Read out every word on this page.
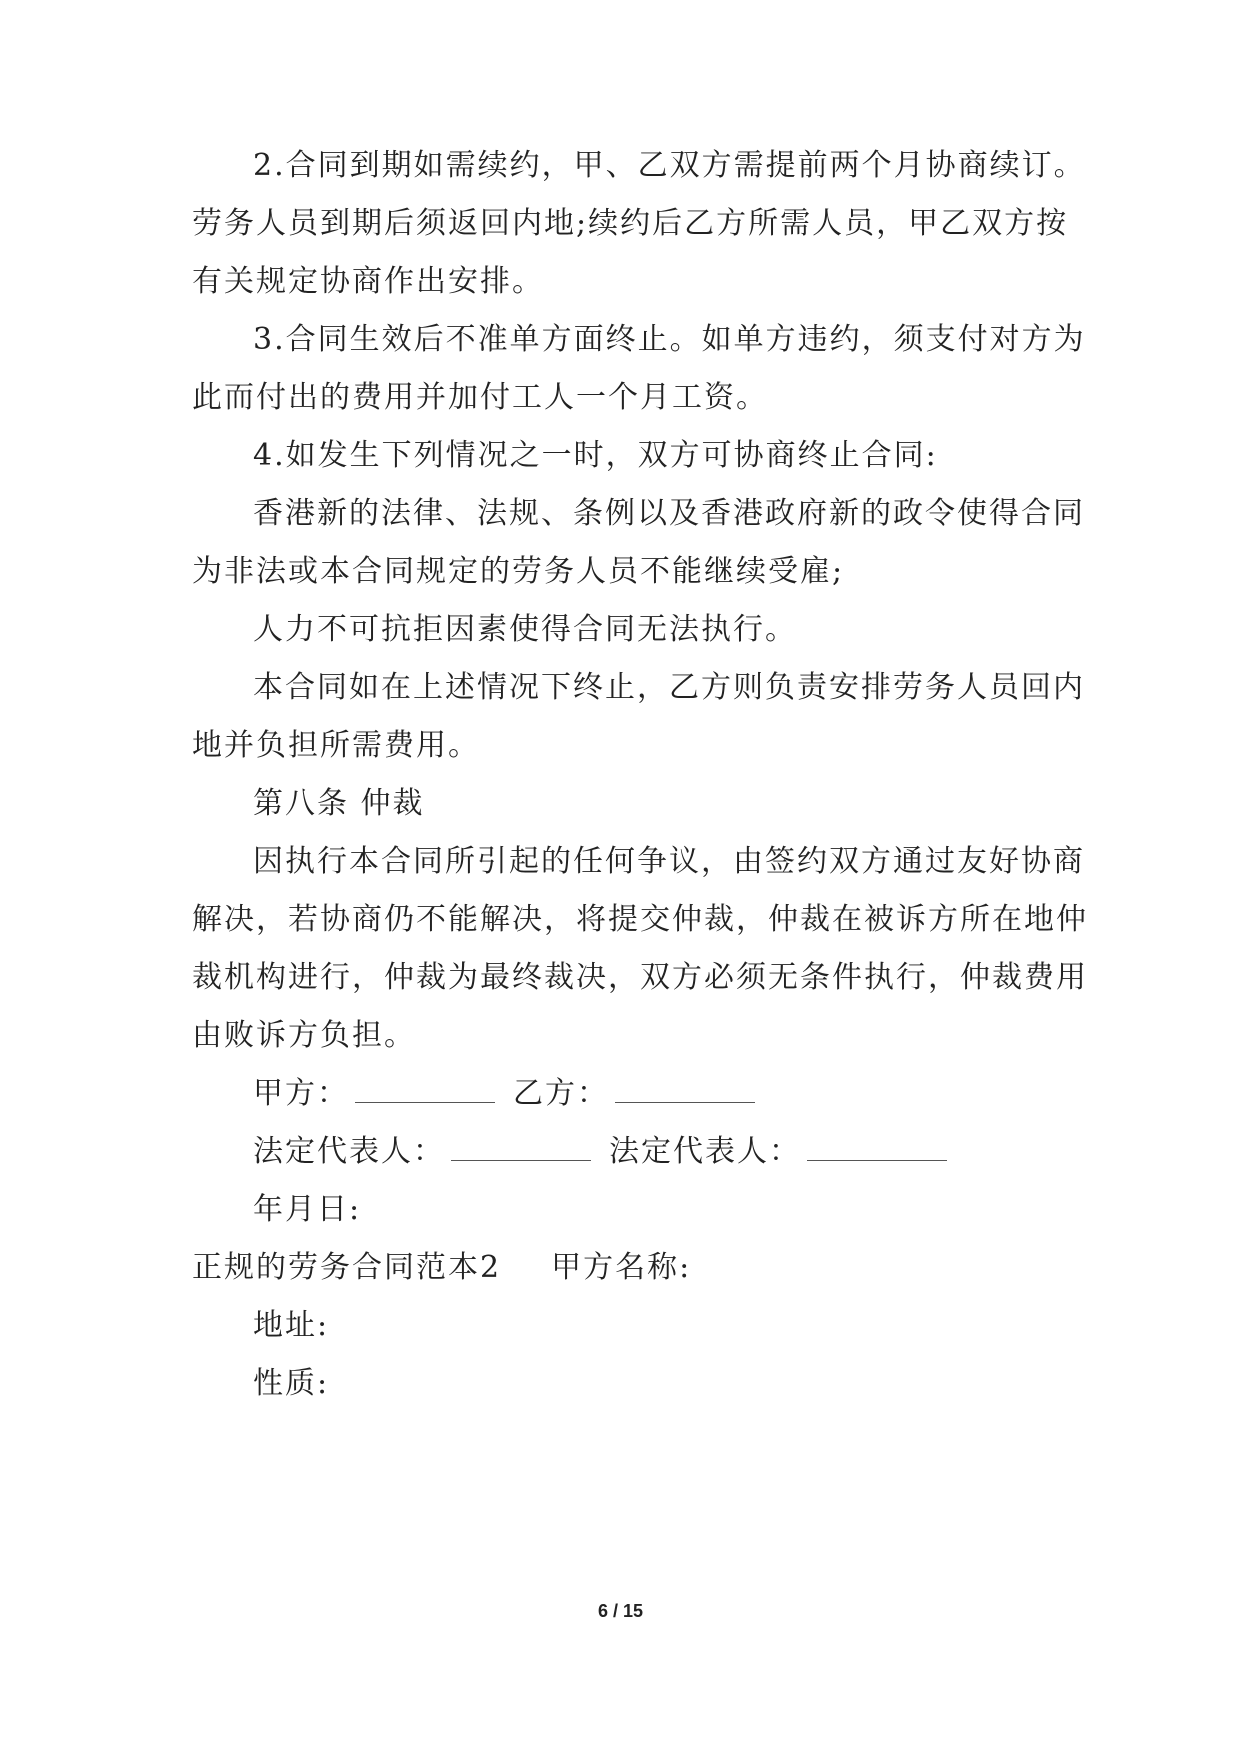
2.合同到期如需续约，甲、乙双方需提前两个月协商续订。
劳务人员到期后须返回内地;续约后乙方所需人员，甲乙双方按
有关规定协商作出安排。
3.合同生效后不准单方面终止。如单方违约，须支付对方为
此而付出的费用并加付工人一个月工资。
4.如发生下列情况之一时，双方可协商终止合同:
香港新的法律、法规、条例以及香港政府新的政令使得合同
为非法或本合同规定的劳务人员不能继续受雇;
人力不可抗拒因素使得合同无法执行。
本合同如在上述情况下终止，乙方则负责安排劳务人员回内
地并负担所需费用。
第八条 仲裁
因执行本合同所引起的任何争议，由签约双方通过友好协商
解决，若协商仍不能解决，将提交仲裁，仲裁在被诉方所在地仲
裁机构进行，仲裁为最终裁决，双方必须无条件执行，仲裁费用
由败诉方负担。
甲方：	乙方：
法定代表人：	法定代表人：
年月日:
正规的劳务合同范本2 甲方名称:
地址:
性质:
6 / 15
